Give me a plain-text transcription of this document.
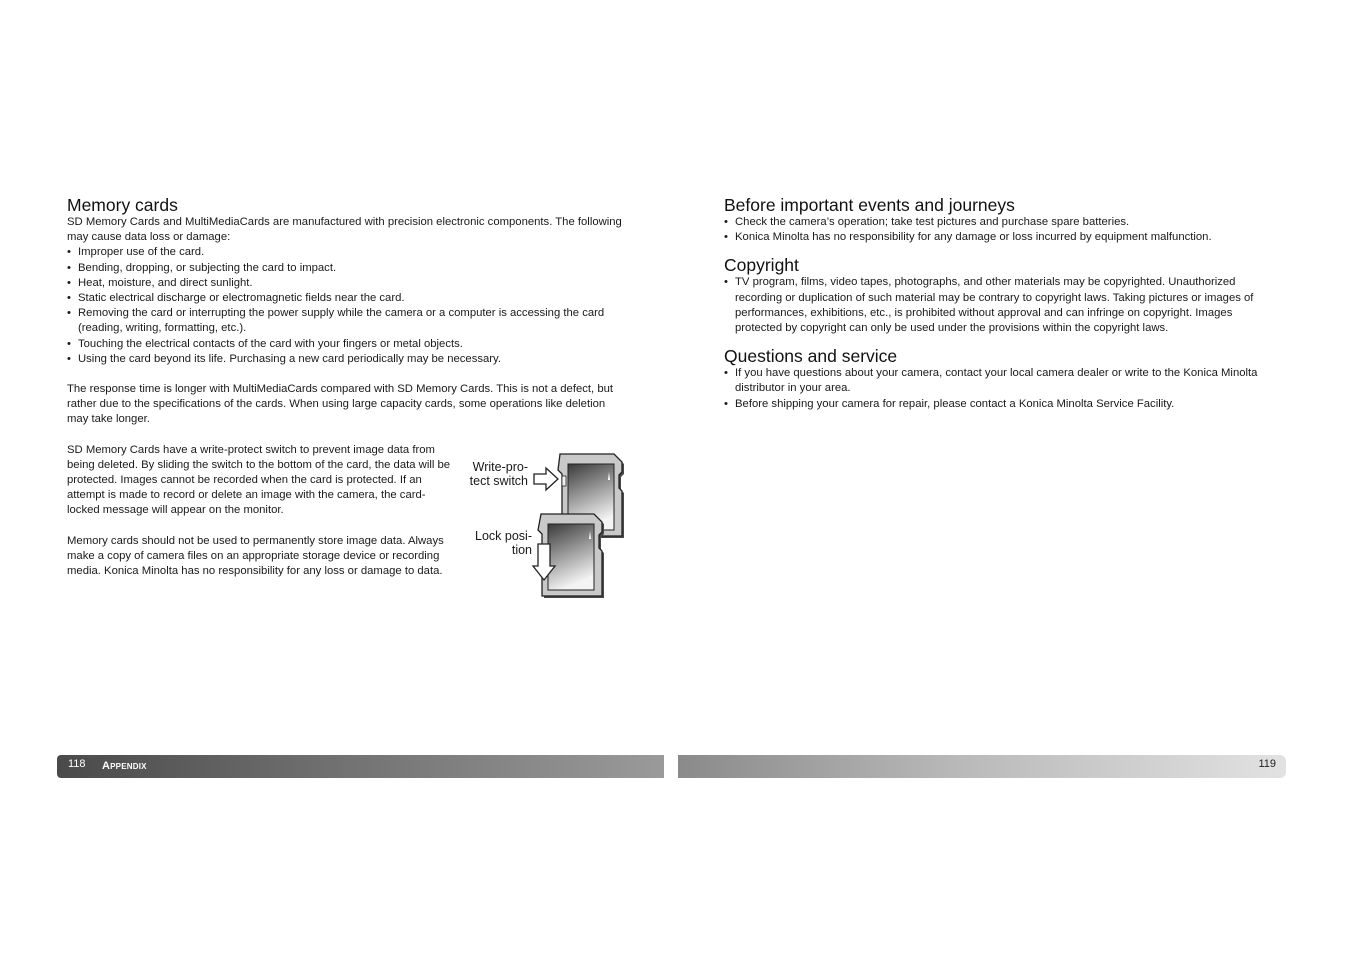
Memory cards

SD Memory Cards and MultiMediaCards are manufactured with precision electronic components. The following may cause data loss or damage:

• Improper use of the card.
• Bending, dropping, or subjecting the card to impact.
• Heat, moisture, and direct sunlight.
• Static electrical discharge or electromagnetic fields near the card.
• Removing the card or interrupting the power supply while the camera or a computer is accessing the card (reading, writing, formatting, etc.).
• Touching the electrical contacts of the card with your fingers or metal objects.
• Using the card beyond its life. Purchasing a new card periodically may be necessary.

The response time is longer with MultiMediaCards compared with SD Memory Cards. This is not a defect, but rather due to the specifications of the cards. When using large capacity cards, some operations like deletion may take longer.

SD Memory Cards have a write-protect switch to prevent image data from being deleted. By sliding the switch to the bottom of the card, the data will be protected. Images cannot be recorded when the card is protected. If an attempt is made to record or delete an image with the camera, the card-locked message will appear on the monitor.

Memory cards should not be used to permanently store image data. Always make a copy of camera files on an appropriate storage device or recording media. Konica Minolta has no responsibility for any loss or damage to data.

Write-pro-
tect switch
Lock posi-
tion
Before important events and journeys
• Check the camera’s operation; take test pictures and purchase spare batteries.
• Konica Minolta has no responsibility for any damage or loss incurred by equipment malfunction.
Copyright
• TV program, films, video tapes, photographs, and other materials may be copyrighted. Unauthorized recording or duplication of such material may be contrary to copyright laws. Taking pictures or images of performances, exhibitions, etc., is prohibited without approval and can infringe on copyright. Images protected by copyright can only be used under the provisions within the copyright laws.
Questions and service
• If you have questions about your camera, contact your local camera dealer or write to the Konica Minolta distributor in your area.
• Before shipping your camera for repair, please contact a Konica Minolta Service Facility.
118 Appendix	119
